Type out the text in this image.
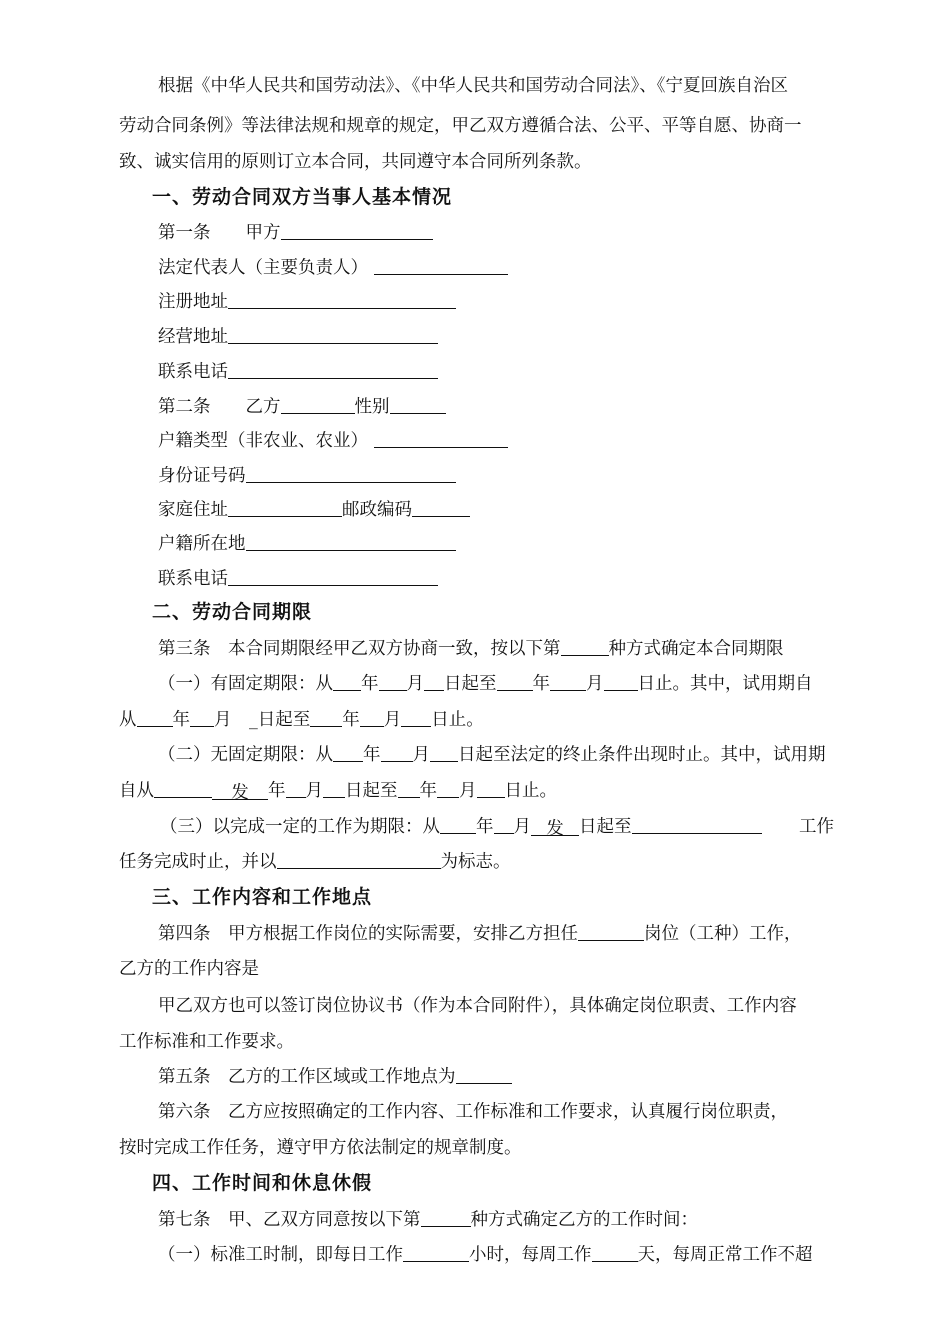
根据《中华人民共和国劳动法》、《中华人民共和国劳动合同法》、《宁夏回族自治区
劳动合同条例》等法律法规和规章的规定，甲乙双方遵循合法、公平、平等自愿、协商一
致、诚实信用的原则订立本合同，共同遵守本合同所列条款。
一、劳动合同双方当事人基本情况
第一条　　甲方
法定代表人（主要负责人）
注册地址
经营地址
联系电话
第二条　　乙方	性别
户籍类型（非农业、农业）
身份证号码
家庭住址	邮政编码
户籍所在地
联系电话
二、劳动合同期限
第三条　本合同期限经甲乙双方协商一致，按以下第	种方式确定本合同期限
（一）有固定期限：从 年 月 日起至 年 月 日止。其中，试用期自
从 年 月　_日起至 年 月 日止。
（二）无固定期限：从 年 月 日起至法定的终止条件出现时止。其中，试用期
自从	发 年 月 日起至 年 月 日止。
（三）以完成一定的工作为期限：从 年 月 发 日起至	工作
任务完成时止，并以	为标志。
三、工作内容和工作地点
第四条　甲方根据工作岗位的实际需要，安排乙方担任	岗位（工种）工作，
乙方的工作内容是
甲乙双方也可以签订岗位协议书（作为本合同附件），具体确定岗位职责、工作内容
工作标准和工作要求。
第五条　乙方的工作区域或工作地点为
第六条　乙方应按照确定的工作内容、工作标准和工作要求，认真履行岗位职责，
按时完成工作任务，遵守甲方依法制定的规章制度。
四、工作时间和休息休假
第七条　甲、乙双方同意按以下第	种方式确定乙方的工作时间：
（一）标准工时制，即每日工作	小时，每周工作	天，每周正常工作不超
